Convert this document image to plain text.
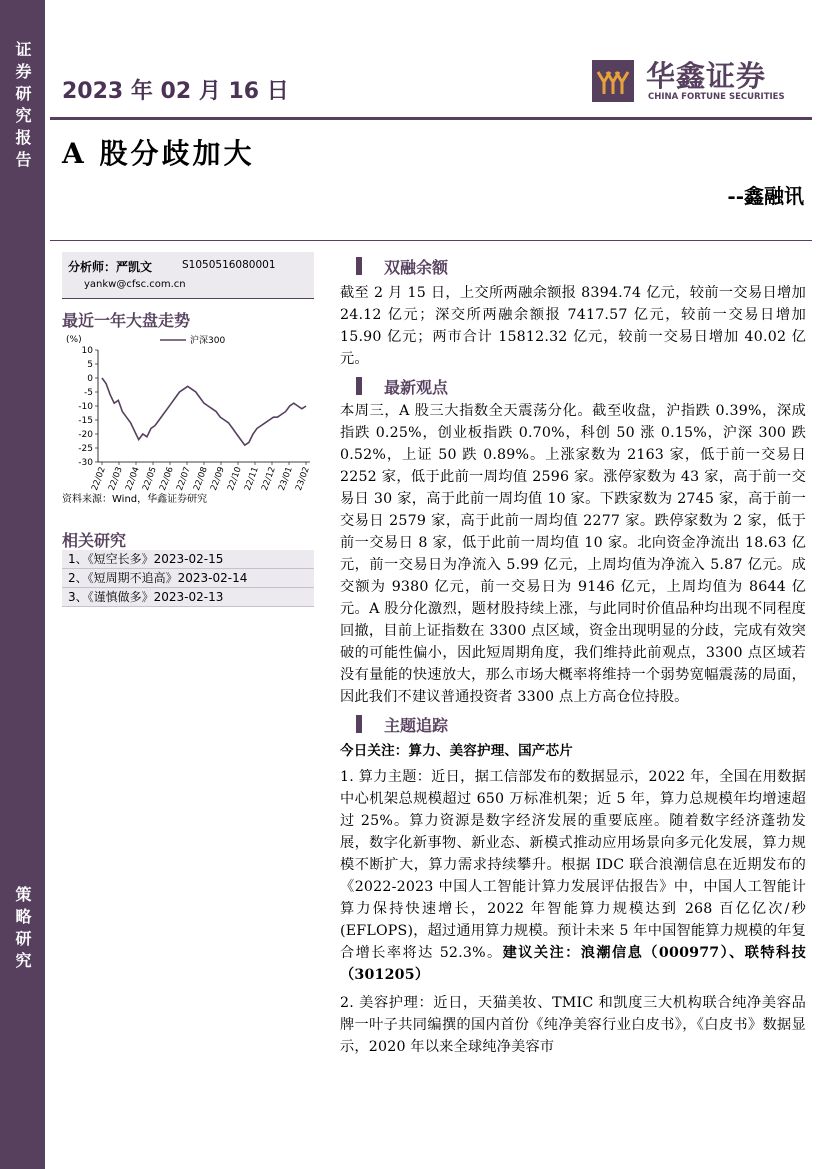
证券研究报告
策略研究
2023 年 02 月 16 日	华鑫证券
CHINA FORTUNE SECURITIES
A 股分歧加大
--鑫融讯
分析师：严凯文	S1050516080001
yankw@cfsc.com.cn
最近一年大盘走势
(%)
10
5
0
-5
-10
-15
-20
-25
-30
22/02 22/03 22/04 22/05 22/06 22/07 22/08 22/09 22/10 22/11 22/12 23/01 23/02
沪深300
资料来源：Wind，华鑫证券研究
相关研究
1、《短空长多》2023-02-15
2、《短周期不追高》2023-02-14
3、《谨慎做多》2023-02-13
双融余额
截至 2 月 15 日，上交所两融余额报 8394.74 亿元，较前一交易日增加 24.12 亿元；深交所两融余额报 7417.57 亿元，较前一交易日增加 15.90 亿元；两市合计 15812.32 亿元，较前一交易日增加 40.02 亿元。
最新观点
本周三，A 股三大指数全天震荡分化。截至收盘，沪指跌 0.39%，深成指跌 0.25%，创业板指跌 0.70%，科创 50 涨 0.15%，沪深 300 跌 0.52%，上证 50 跌 0.89%。上涨家数为 2163 家，低于前一交易日 2252 家，低于此前一周均值 2596 家。涨停家数为 43 家，高于前一交易日 30 家，高于此前一周均值 10 家。下跌家数为 2745 家，高于前一交易日 2579 家，高于此前一周均值 2277 家。跌停家数为 2 家，低于前一交易日 8 家，低于此前一周均值 10 家。北向资金净流出 18.63 亿元，前一交易日为净流入 5.99 亿元，上周均值为净流入 5.87 亿元。成交额为 9380 亿元，前一交易日为 9146 亿元，上周均值为 8644 亿元。A 股分化激烈，题材股持续上涨，与此同时价值品种均出现不同程度回撤，目前上证指数在 3300 点区域，资金出现明显的分歧，完成有效突破的可能性偏小，因此短周期角度，我们维持此前观点，3300 点区域若没有量能的快速放大，那么市场大概率将维持一个弱势宽幅震荡的局面，因此我们不建议普通投资者 3300 点上方高仓位持股。
主题追踪
今日关注：算力、美容护理、国产芯片
1. 算力主题：近日，据工信部发布的数据显示，2022 年，全国在用数据中心机架总规模超过 650 万标准机架；近 5 年，算力总规模年均增速超过 25%。算力资源是数字经济发展的重要底座。随着数字经济蓬勃发展，数字化新事物、新业态、新模式推动应用场景向多元化发展，算力规模不断扩大，算力需求持续攀升。根据 IDC 联合浪潮信息在近期发布的《2022-2023 中国人工智能计算力发展评估报告》中，中国人工智能计算力保持快速增长，2022 年智能算力规模达到 268 百亿亿次/秒(EFLOPS)，超过通用算力规模。预计未来 5 年中国智能算力规模的年复合增长率将达 52.3%。建议关注：浪潮信息（000977）、联特科技（301205）
2. 美容护理：近日，天猫美妆、TMIC 和凯度三大机构联合纯净美容品牌一叶子共同编撰的国内首份《纯净美容行业白皮书》，《白皮书》数据显示，2020 年以来全球纯净美容市
